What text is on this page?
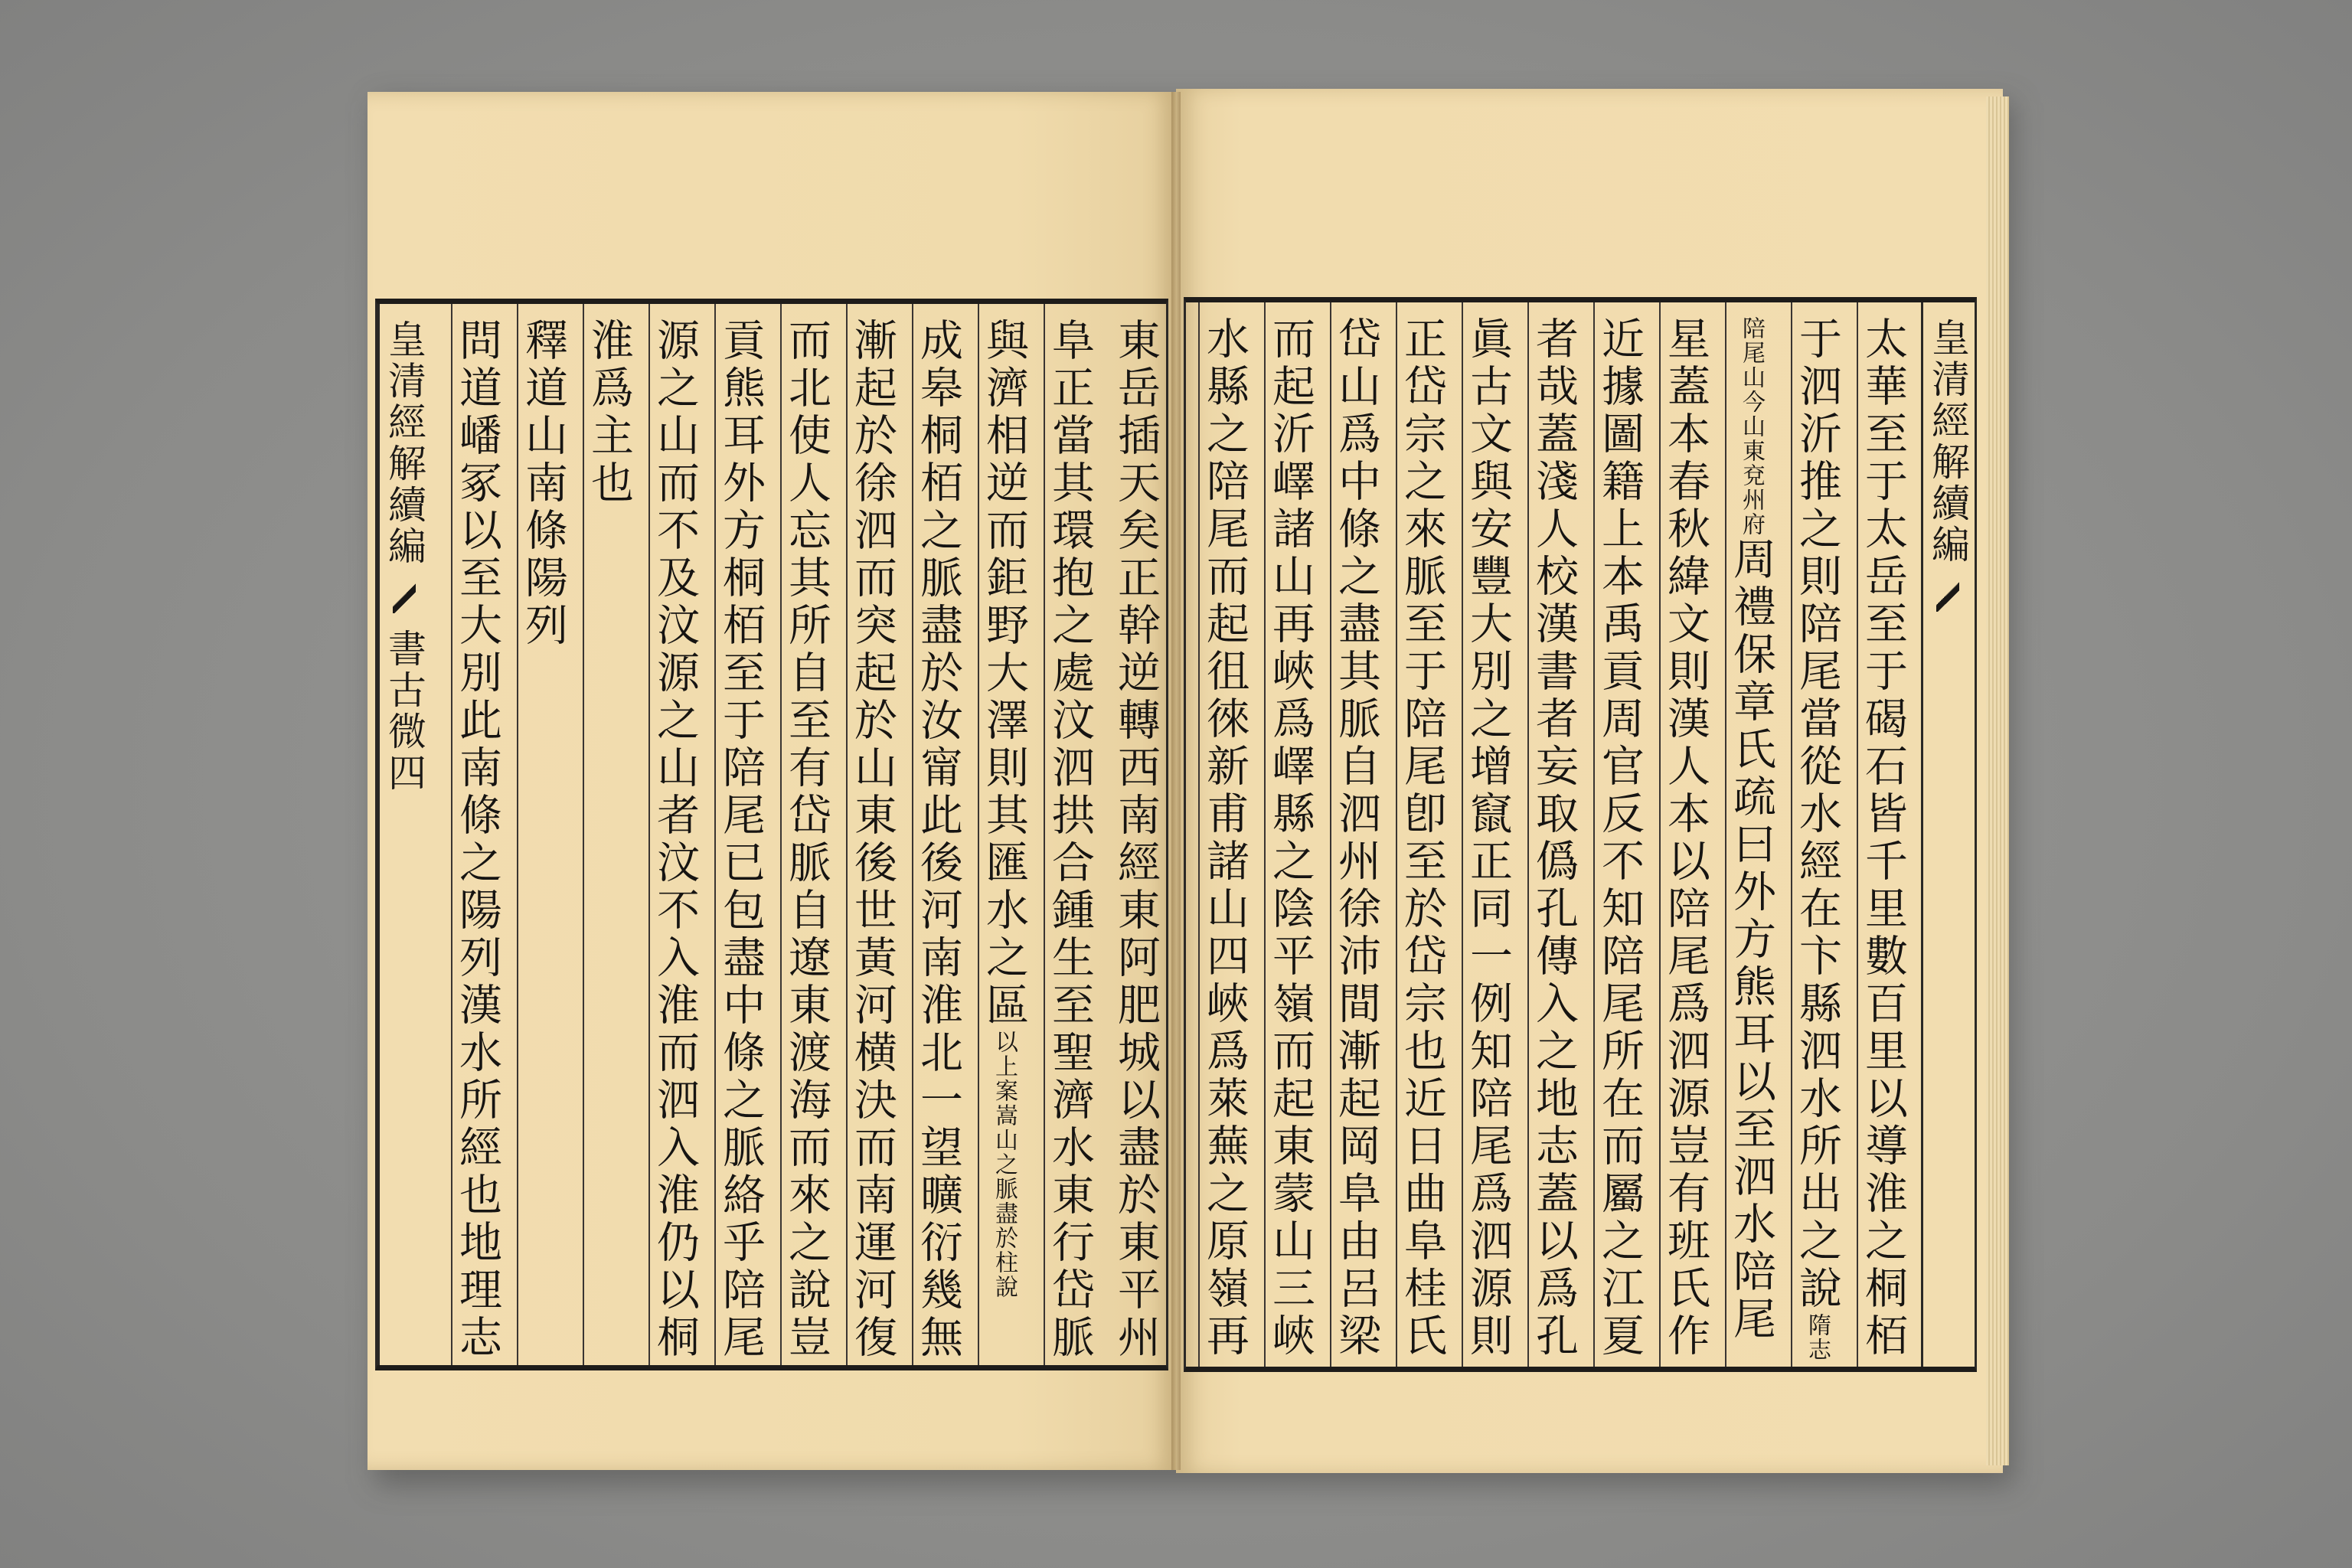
東岳插天矣正幹逆轉西南經東阿肥城以盡於東平州
阜正當其環抱之處汶泗拱合鍾生至聖濟水東行岱脈
與濟相逆而鉅野大澤則其匯水之區以上案嵩山之脈盡於柱說
成皋桐栢之脈盡於汝甯此後河南淮北一望曠衍幾無
漸起於徐泗而突起於山東後世黃河横決而南運河復
而北使人忘其所自至有岱脈自遼東渡海而來之說豈
貢熊耳外方桐栢至于陪尾已包盡中條之脈絡乎陪尾
源之山而不及汶源之山者汶不入淮而泗入淮仍以桐
淮爲主也
釋道山南條陽列
問道嶓冢以至大別此南條之陽列漢水所經也地理志
皇清經解續編  書古微四
皇清經解續編
太華至于太岳至于碣石皆千里數百里以導淮之桐栢
于泗沂推之則陪尾當從水經在卞縣泗水所出之說隋志
陪尾山今山東兗州府周禮保章氏疏曰外方熊耳以至泗水陪尾
星蓋本春秋緯文則漢人本以陪尾爲泗源豈有班氏作
近據圖籍上本禹貢周官反不知陪尾所在而屬之江夏
者哉蓋淺人校漢書者妄取僞孔傳入之地志蓋以爲孔
眞古文與安豐大別之增竄正同一例知陪尾爲泗源則
正岱宗之來脈至于陪尾卽至於岱宗也近日曲阜桂氏
岱山爲中條之盡其脈自泗州徐沛間漸起岡阜由呂梁
而起沂嶧諸山再峽爲嶧縣之陰平嶺而起東蒙山三峽
水縣之陪尾而起徂徠新甫諸山四峽爲萊蕪之原嶺再
